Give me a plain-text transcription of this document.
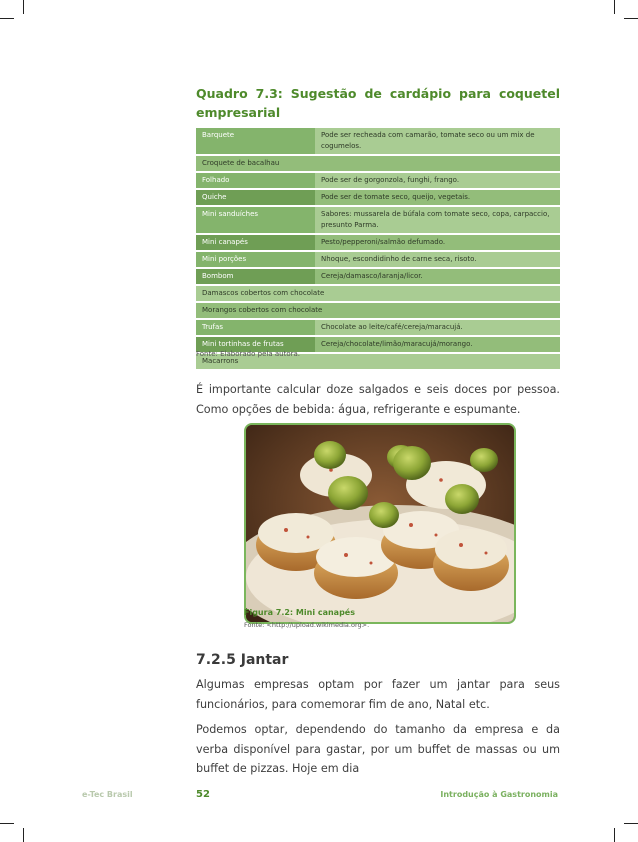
Quadro 7.3: Sugestão de cardápio para coquetel empresarial
Barquete	Pode ser recheada com camarão, tomate seco ou um mix de cogumelos.
Croquete de bacalhau	
Folhado	Pode ser de gorgonzola, funghi, frango.
Quiche	Pode ser de tomate seco, queijo, vegetais.
Mini sanduíches	Sabores: mussarela de búfala com tomate seco, copa, carpaccio, presunto Parma.
Mini canapés	Pesto/pepperoni/salmão defumado.
Mini porções	Nhoque, escondidinho de carne seca, risoto.
Bombom	Cereja/damasco/laranja/licor.
Damascos cobertos com chocolate	
Morangos cobertos com chocolate	
Trufas	Chocolate ao leite/café/cereja/maracujá.
Mini tortinhas de frutas	Cereja/chocolate/limão/maracujá/morango.
Macarrons	
Fonte: Elaborado pela autora.
É importante calcular doze salgados e seis doces por pessoa. Como opções de bebida: água, refrigerante e espumante.
Figura 7.2: Mini canapés
Fonte: <http://upload.wikimedia.org>.
7.2.5 Jantar
Algumas empresas optam por fazer um jantar para seus funcionários, para comemorar fim de ano, Natal etc.
Podemos optar, dependendo do tamanho da empresa e da verba disponível para gastar, por um buffet de massas ou um buffet de pizzas. Hoje em dia
e-Tec Brasil	52	Introdução à Gastronomia
